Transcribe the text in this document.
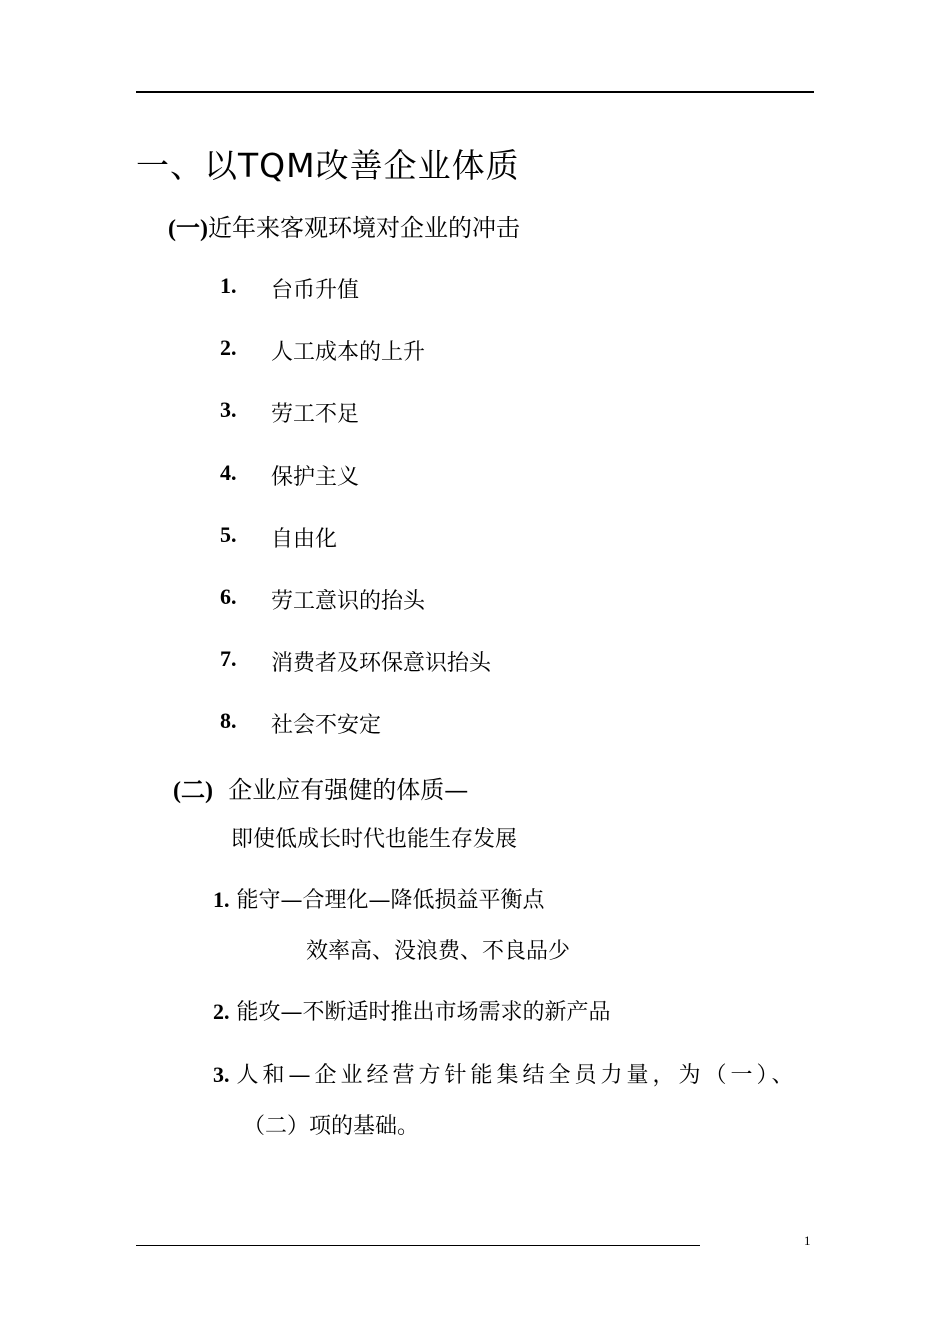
一、以TQM改善企业体质
(一)近年来客观环境对企业的冲击
1. 台币升值
2. 人工成本的上升
3. 劳工不足
4. 保护主义
5. 自由化
6. 劳工意识的抬头
7. 消费者及环保意识抬头
8. 社会不安定
(二) 企业应有强健的体质—
即使低成长时代也能生存发展
1. 能守—合理化—降低损益平衡点
效率高、没浪费、不良品少
2. 能攻—不断适时推出市场需求的新产品
3. 人和—企业经营方针能集结全员力量，为（一）、
（二）项的基础。
1
